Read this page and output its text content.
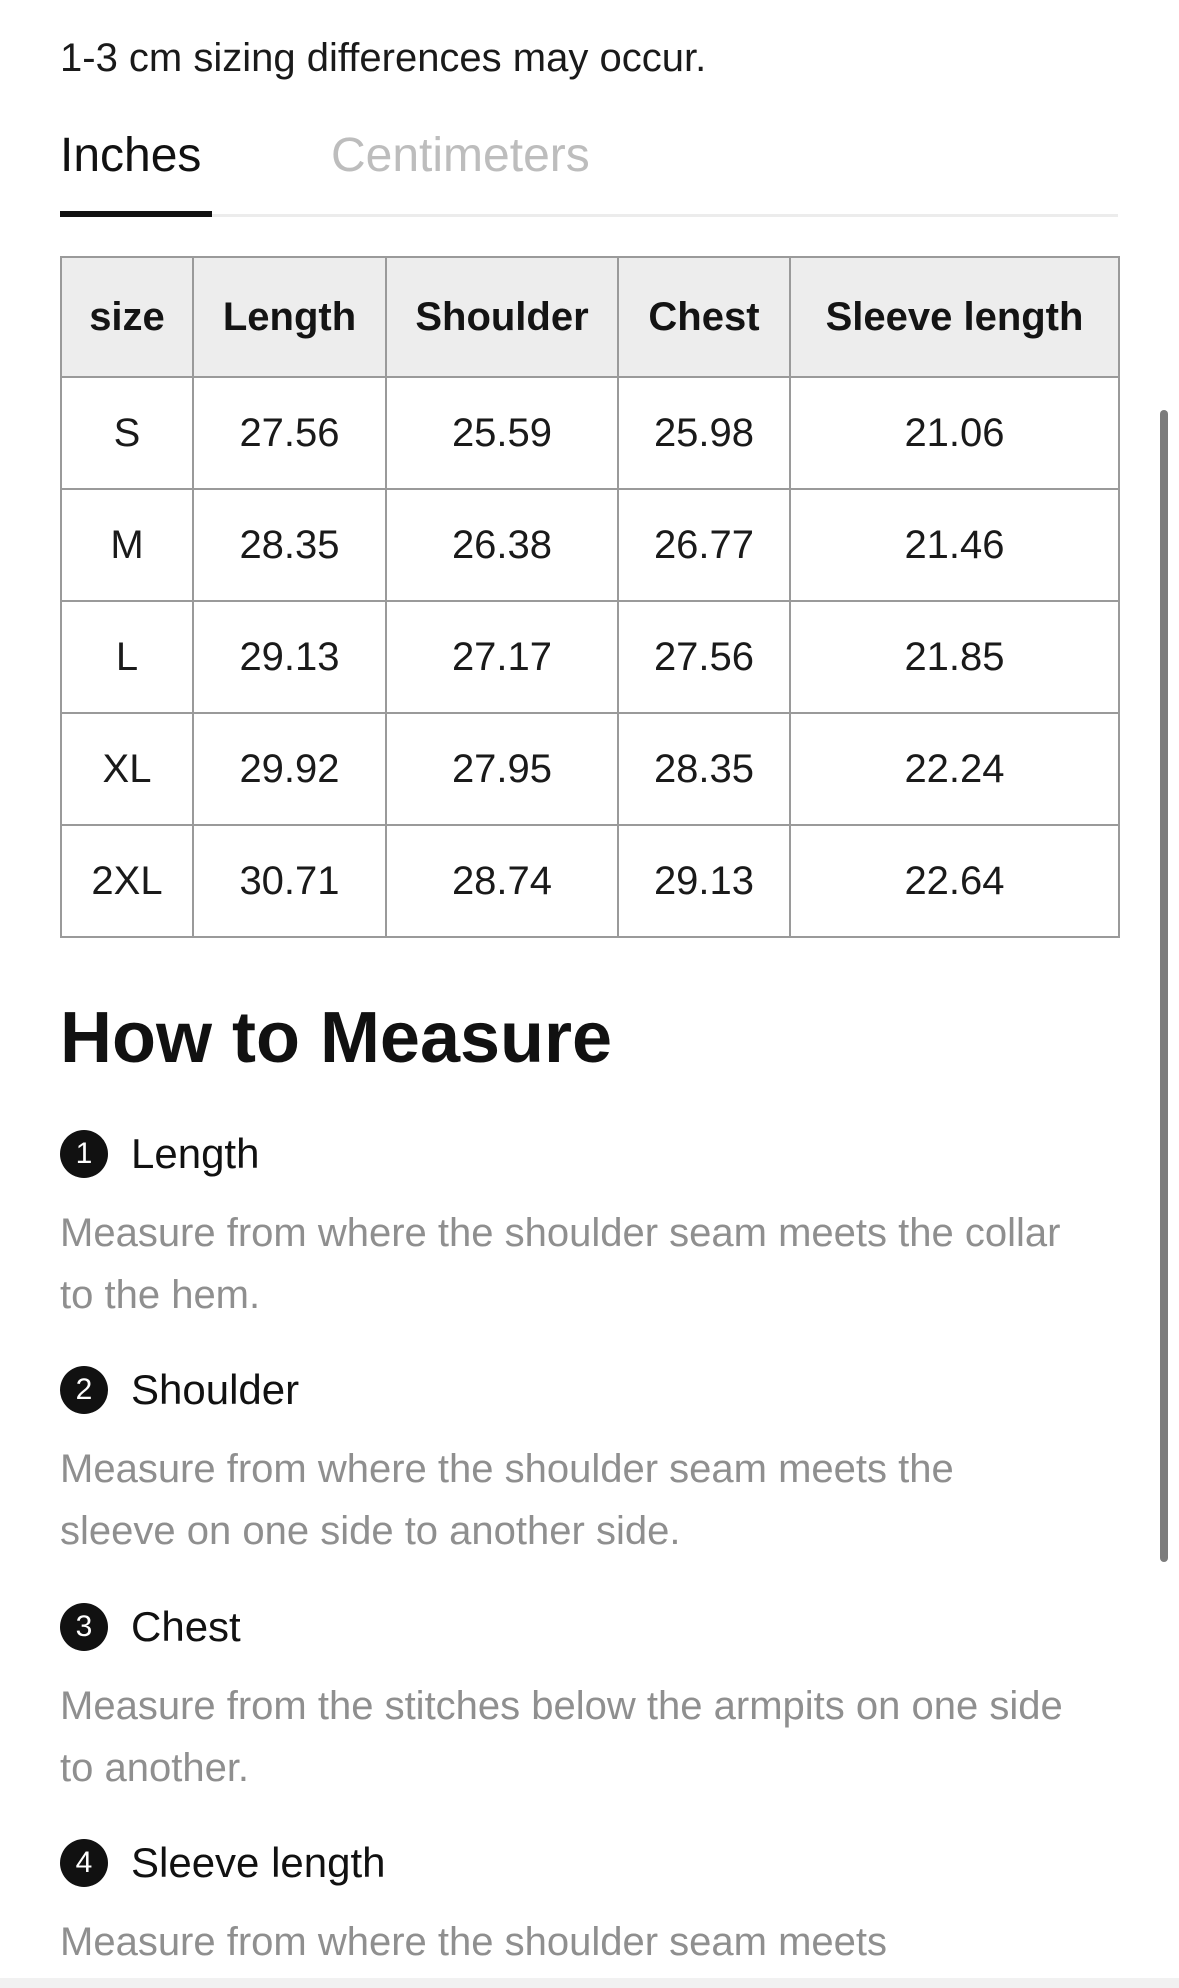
1-3 cm sizing differences may occur.
Inches	Centimeters
size	Length	Shoulder	Chest	Sleeve length
S	27.56	25.59	25.98	21.06
M	28.35	26.38	26.77	21.46
L	29.13	27.17	27.56	21.85
XL	29.92	27.95	28.35	22.24
2XL	30.71	28.74	29.13	22.64
How to Measure
1 Length
Measure from where the shoulder seam meets the collar to the hem.
2 Shoulder
Measure from where the shoulder seam meets the sleeve on one side to another side.
3 Chest
Measure from the stitches below the armpits on one side to another.
4 Sleeve length
Measure from where the shoulder seam meets
